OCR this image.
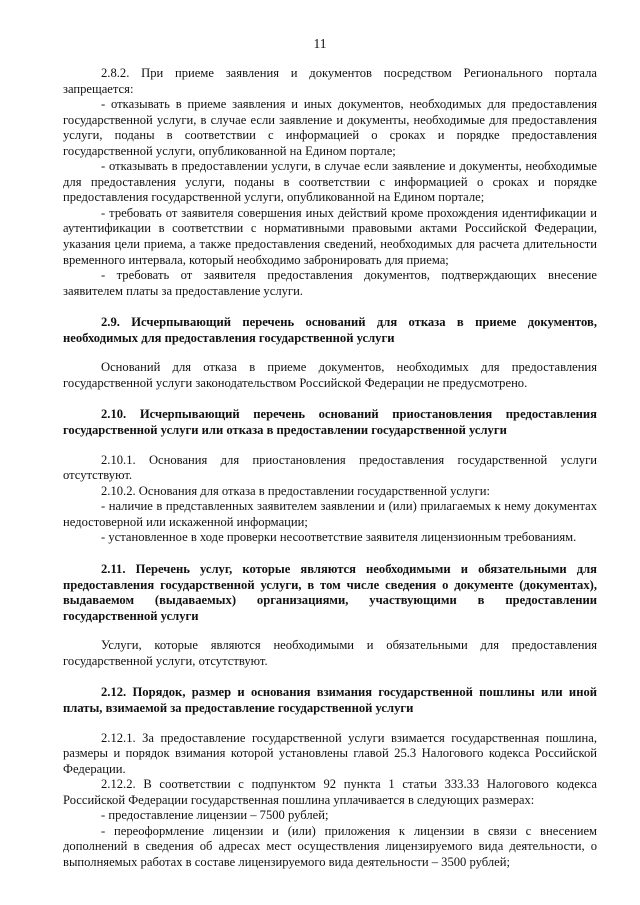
11

2.8.2. При приеме заявления и документов посредством Регионального портала запрещается:

- отказывать в приеме заявления и иных документов, необходимых для предоставления государственной услуги, в случае если заявление и документы, необходимые для предоставления услуги, поданы в соответствии с информацией о сроках и порядке предоставления государственной услуги, опубликованной на Едином портале;

- отказывать в предоставлении услуги, в случае если заявление и документы, необходимые для предоставления услуги, поданы в соответствии с информацией о сроках и порядке предоставления государственной услуги, опубликованной на Едином портале;

- требовать от заявителя совершения иных действий кроме прохождения идентификации и аутентификации в соответствии с нормативными правовыми актами Российской Федерации, указания цели приема, а также предоставления сведений, необходимых для расчета длительности временного интервала, который необходимо забронировать для приема;

- требовать от заявителя предоставления документов, подтверждающих внесение заявителем платы за предоставление услуги.

2.9. Исчерпывающий перечень оснований для отказа в приеме документов, необходимых для предоставления государственной услуги

Оснований для отказа в приеме документов, необходимых для предоставления государственной услуги законодательством Российской Федерации не предусмотрено.

2.10. Исчерпывающий перечень оснований приостановления предоставления государственной услуги или отказа в предоставлении государственной услуги

2.10.1. Основания для приостановления предоставления государственной услуги отсутствуют.

2.10.2. Основания для отказа в предоставлении государственной услуги:

- наличие в представленных заявителем заявлении и (или) прилагаемых к нему документах недостоверной или искаженной информации;

- установленное в ходе проверки несоответствие заявителя лицензионным требованиям.

2.11. Перечень услуг, которые являются необходимыми и обязательными для предоставления государственной услуги, в том числе сведения о документе (документах), выдаваемом (выдаваемых) организациями, участвующими в предоставлении государственной услуги

Услуги, которые являются необходимыми и обязательными для предоставления государственной услуги, отсутствуют.

2.12. Порядок, размер и основания взимания государственной пошлины или иной платы, взимаемой за предоставление государственной услуги

2.12.1. За предоставление государственной услуги взимается государственная пошлина, размеры и порядок взимания которой установлены главой 25.3 Налогового кодекса Российской Федерации.

2.12.2. В соответствии с подпунктом 92 пункта 1 статьи 333.33 Налогового кодекса Российской Федерации государственная пошлина уплачивается в следующих размерах:

- предоставление лицензии – 7500 рублей;

- переоформление лицензии и (или) приложения к лицензии в связи с внесением дополнений в сведения об адресах мест осуществления лицензируемого вида деятельности, о выполняемых работах в составе лицензируемого вида деятельности – 3500 рублей;
